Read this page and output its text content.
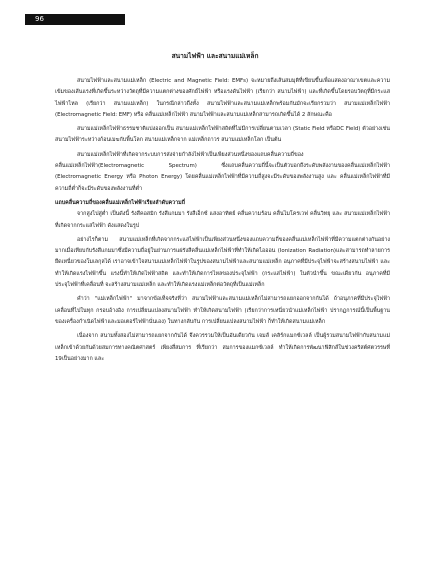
96
สนามไฟฟ้า และสนามแม่เหล็ก

สนามไฟฟ้าและสนามแม่เหล็ก (Electric and Magnetic Field: EMFs) จะหมายถึงเส้นสมมุติที่เขียนขึ้นเพื่อแสดงอาณาเขตและความเข้มของเส้นแรงที่เกิดขึ้นระหว่างวัตถุที่มีความแตกต่างของศักย์ไฟฟ้า หรือแรงดันไฟฟ้า (เรียกว่า สนามไฟฟ้า) และที่เกิดขึ้นโดยรอบวัตถุที่มีกระแสไฟฟ้าไหล (เรียกว่า สนามแม่เหล็ก) ในกรณีกล่าวถึงทั้ง สนามไฟฟ้าและสนามแม่เหล็กพร้อมกันมักจะเรียกรวมว่า สนามแม่เหล็กไฟฟ้า (Electromagnetic Field: EMF) หรือ คลื่นแม่เหล็กไฟฟ้า สนามไฟฟ้าและสนามแม่เหล็กสามารถเกิดขึ้นได้ 2 ลักษณะคือ

สนามแม่เหล็กไฟฟ้าธรรมชาติแบ่งออกเป็น สนามแม่เหล็กไฟฟ้าสถิตที่ไม่มีการเปลี่ยนตามเวลา (Static Field หรือDC Field) ตัวอย่างเช่น สนามไฟฟ้าระหว่างก้อนเมฆกับพื้นโลก สนามแม่เหล็กจาก แม่เหล็กถาวร สนามแม่เหล็กโลก เป็นต้น

สนามแม่เหล็กไฟฟ้าที่เกิดจากระบบการส่งจ่ายกำลังไฟฟ้าเป็นเพียงส่วนหนึ่งของแถบคลื่นความถี่ของคลื่นแม่เหล็กไฟฟ้า(Electromagnetic Spectrum) ซึ่งแถบคลื่นความถี่นี้จะเป็นตัวบอกถึงระดับพลังงานของคลื่นแม่เหล็กไฟฟ้า (Electromagnetic Energy หรือ Photon Energy) โดยคลื่นแม่เหล็กไฟฟ้าที่มีความถี่สูงจะมีระดับของพลังงานสูง และ คลื่นแม่เหล็กไฟฟ้าที่มีความถี่ต่ำก็จะมีระดับของพลังงานที่ต่ำ

แถบคลื่นความถี่ของคลื่นแม่เหล็กไฟฟ้าเรียงลำดับความถี่

จากสูงไปสู่ต่ำ เป็นดังนี้ รังสีคอสมิก รังสีแกมมา รังสีเอ็กซ์ แสงอาทิตย์ คลื่นความร้อน คลื่นไมโครเวฟ คลื่นวิทยุ และ สนามแม่เหล็กไฟฟ้าที่เกิดจากกระแสไฟฟ้า ดังแสดงในรูป

อย่างไรก็ตาม สนามแม่เหล็กที่เกิดจากกระแสไฟฟ้าเป็นเพียงส่วนหนึ่งของแถบความถี่ของคลื่นแม่เหล็กไฟฟ้าที่มีความแตกต่างกันอย่างมากเมื่อเทียบกับรังสีแกมมาซึ่งมีความถี่อยู่ในย่านการแผ่รังสีคลื่นแม่เหล็กไฟฟ้าที่ทำให้เกิดไอออน (Ionization Radiation)และสามารถทำลายการยึดเหนี่ยวของโมเลกุลได้ เราอาจเข้าใจสนามแม่เหล็กไฟฟ้าในรูปของสนามไฟฟ้าและสนามแม่เหล็ก อนุภาคที่มีประจุไฟฟ้าจะสร้างสนามไฟฟ้า และทำให้เกิดแรงไฟฟ้าขึ้น แรงนี้ทำให้เกิดไฟฟ้าสถิต และทำให้เกิดการไหลของประจุไฟฟ้า (กระแสไฟฟ้า) ในตัวนำขึ้น ขณะเดียวกัน อนุภาคที่มีประจุไฟฟ้าที่เคลื่อนที่ จะสร้างสนามแม่เหล็ก และทำให้เกิดแรงแม่เหล็กต่อวัตถุที่เป็นแม่เหล็ก

คำว่า "แม่เหล็กไฟฟ้า" มาจากข้อเท็จจริงที่ว่า สนามไฟฟ้าและสนามแม่เหล็กไม่สามารถแยกออกจากกันได้ ถ้าอนุภาคที่มีประจุไฟฟ้าเคลื่อนที่ไปในทุก กรอบอ้างอิง การเปลี่ยนแปลงสนามไฟฟ้า ทำให้เกิดสนามไฟฟ้า (เรียกว่าการเหนี่ยวนำแม่เหล็กไฟฟ้า ปรากฏการณ์นี้เป็นพื้นฐานของเครื่องกำเนิดไฟฟ้าและมอเตอร์ไฟฟ้านั่นเอง) ในทางกลับกัน การเปลี่ยนแปลงสนามไฟฟ้า ก็ทำให้เกิดสนามแม่เหล็ก

เนื่องจาก สนามทั้งสองไม่สามารถแยกจากกันได้ จึงควรรวมให้เป็นอันเดียวกัน เจมส์ เคลิร์กแมกซ์เวลล์ เป็นผู้รวมสนามไฟฟ้ากับสนามแม่เหล็กเข้าด้วยกันด้วยสมการทางคณิตศาสตร์ เพียงสี่สมการ ที่เรียกว่า สมการของแมกซ์เวลล์ ทำให้เกิดการพัฒนาฟิสิกส์ในช่วงคริสต์ศตวรรษที่ 19เป็นอย่างมาก และ
